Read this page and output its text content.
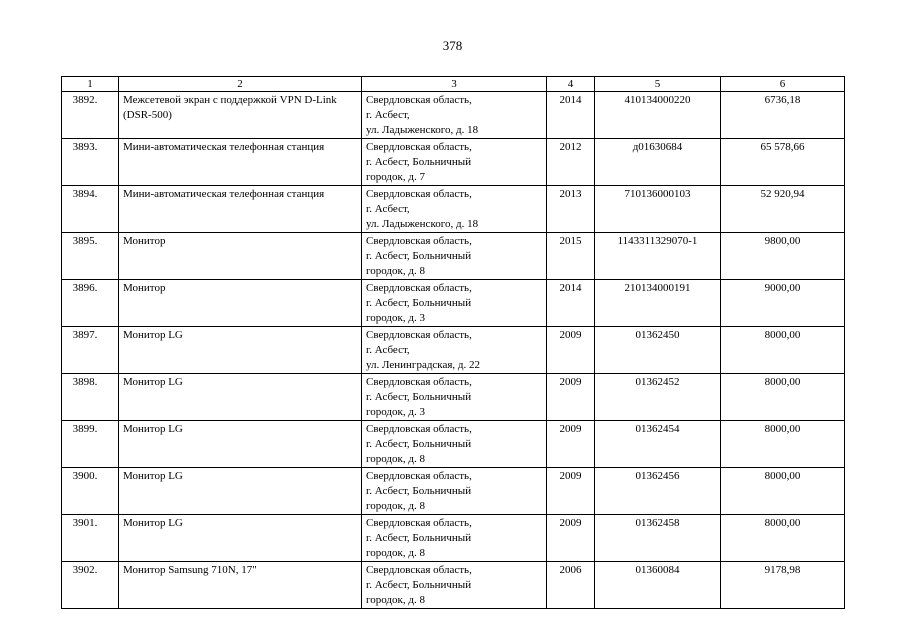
378
1	2	3	4	5	6
3892.	Межсетевой экран с поддержкой VPN D-Link (DSR-500)	Свердловская область,
г. Асбест,
ул. Ладыженского, д. 18	2014	410134000220	6736,18
3893.	Мини-автоматическая телефонная станция	Свердловская область,
г. Асбест, Больничный
городок, д. 7	2012	д01630684	65 578,66
3894.	Мини-автоматическая телефонная станция	Свердловская область,
г. Асбест,
ул. Ладыженского, д. 18	2013	710136000103	52 920,94
3895.	Монитор	Свердловская область,
г. Асбест, Больничный
городок, д. 8	2015	1143311329070-1	9800,00
3896.	Монитор	Свердловская область,
г. Асбест, Больничный
городок, д. 3	2014	210134000191	9000,00
3897.	Монитор LG	Свердловская область,
г. Асбест,
ул. Ленинградская, д. 22	2009	01362450	8000,00
3898.	Монитор LG	Свердловская область,
г. Асбест, Больничный
городок, д. 3	2009	01362452	8000,00
3899.	Монитор LG	Свердловская область,
г. Асбест, Больничный
городок, д. 8	2009	01362454	8000,00
3900.	Монитор LG	Свердловская область,
г. Асбест, Больничный
городок, д. 8	2009	01362456	8000,00
3901.	Монитор LG	Свердловская область,
г. Асбест, Больничный
городок, д. 8	2009	01362458	8000,00
3902.	Монитор Samsung 710N, 17"	Свердловская область,
г. Асбест, Больничный
городок, д. 8	2006	01360084	9178,98
